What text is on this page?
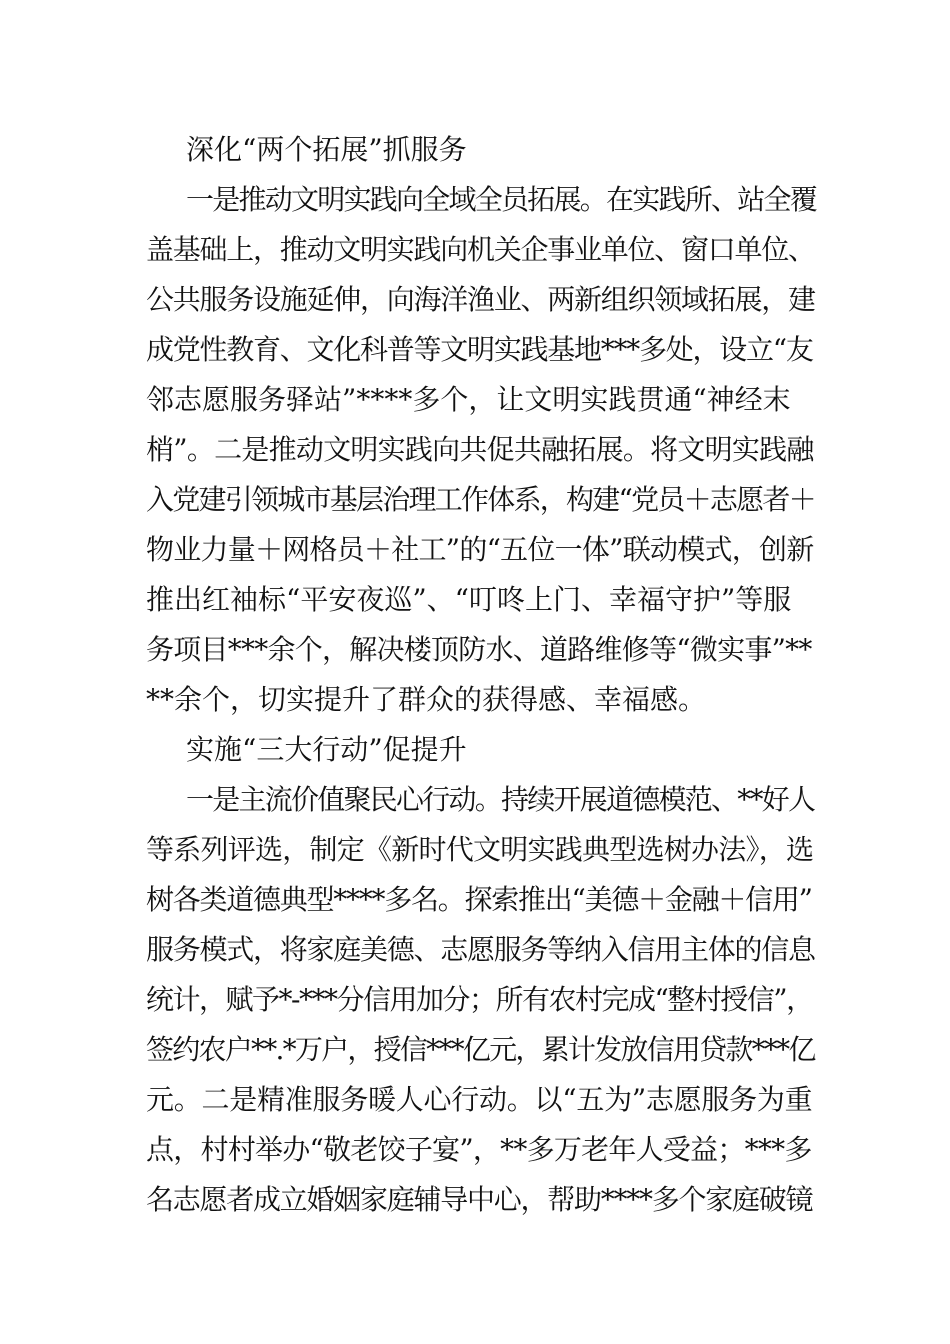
深化“两个拓展”抓服务
一是推动文明实践向全域全员拓展。在实践所、站全覆
盖基础上，推动文明实践向机关企事业单位、窗口单位、
公共服务设施延伸，向海洋渔业、两新组织领域拓展，建
成党性教育、文化科普等文明实践基地***多处，设立“友
邻志愿服务驿站”****多个，让文明实践贯通“神经末
梢”。二是推动文明实践向共促共融拓展。将文明实践融
入党建引领城市基层治理工作体系，构建“党员＋志愿者＋
物业力量＋网格员＋社工”的“五位一体”联动模式，创新
推出红袖标“平安夜巡”、“叮咚上门、幸福守护”等服
务项目***余个，解决楼顶防水、道路维修等“微实事”**
**余个，切实提升了群众的获得感、幸福感。
实施“三大行动”促提升
一是主流价值聚民心行动。持续开展道德模范、**好人
等系列评选，制定《新时代文明实践典型选树办法》，选
树各类道德典型****多名。探索推出“美德＋金融＋信用”
服务模式，将家庭美德、志愿服务等纳入信用主体的信息
统计，赋予*-***分信用加分；所有农村完成“整村授信”，
签约农户**.*万户，授信***亿元，累计发放信用贷款***亿
元。二是精准服务暖人心行动。以“五为”志愿服务为重
点，村村举办“敬老饺子宴”，**多万老年人受益；***多
名志愿者成立婚姻家庭辅导中心，帮助****多个家庭破镜
